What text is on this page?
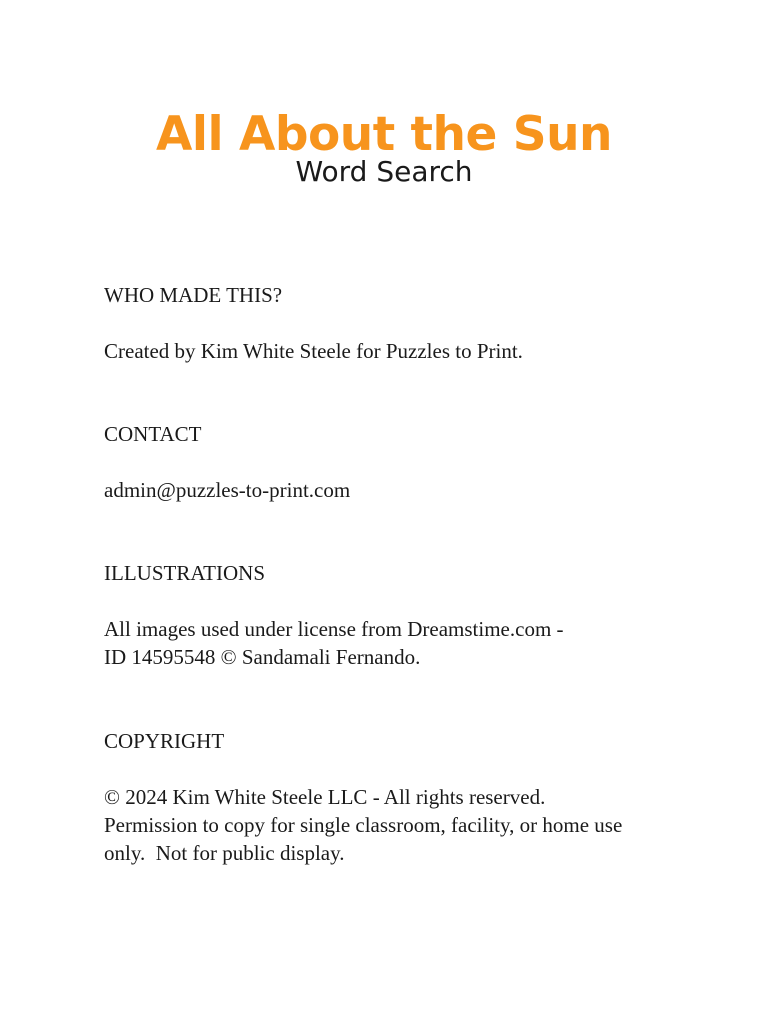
All About the Sun
Word Search

WHO MADE THIS?

Created by Kim White Steele for Puzzles to Print.

CONTACT

admin@puzzles-to-print.com

ILLUSTRATIONS

All images used under license from Dreamstime.com -

ID 14595548 © Sandamali Fernando.

COPYRIGHT

© 2024 Kim White Steele LLC - All rights reserved.

Permission to copy for single classroom, facility, or home use

only.  Not for public display.
